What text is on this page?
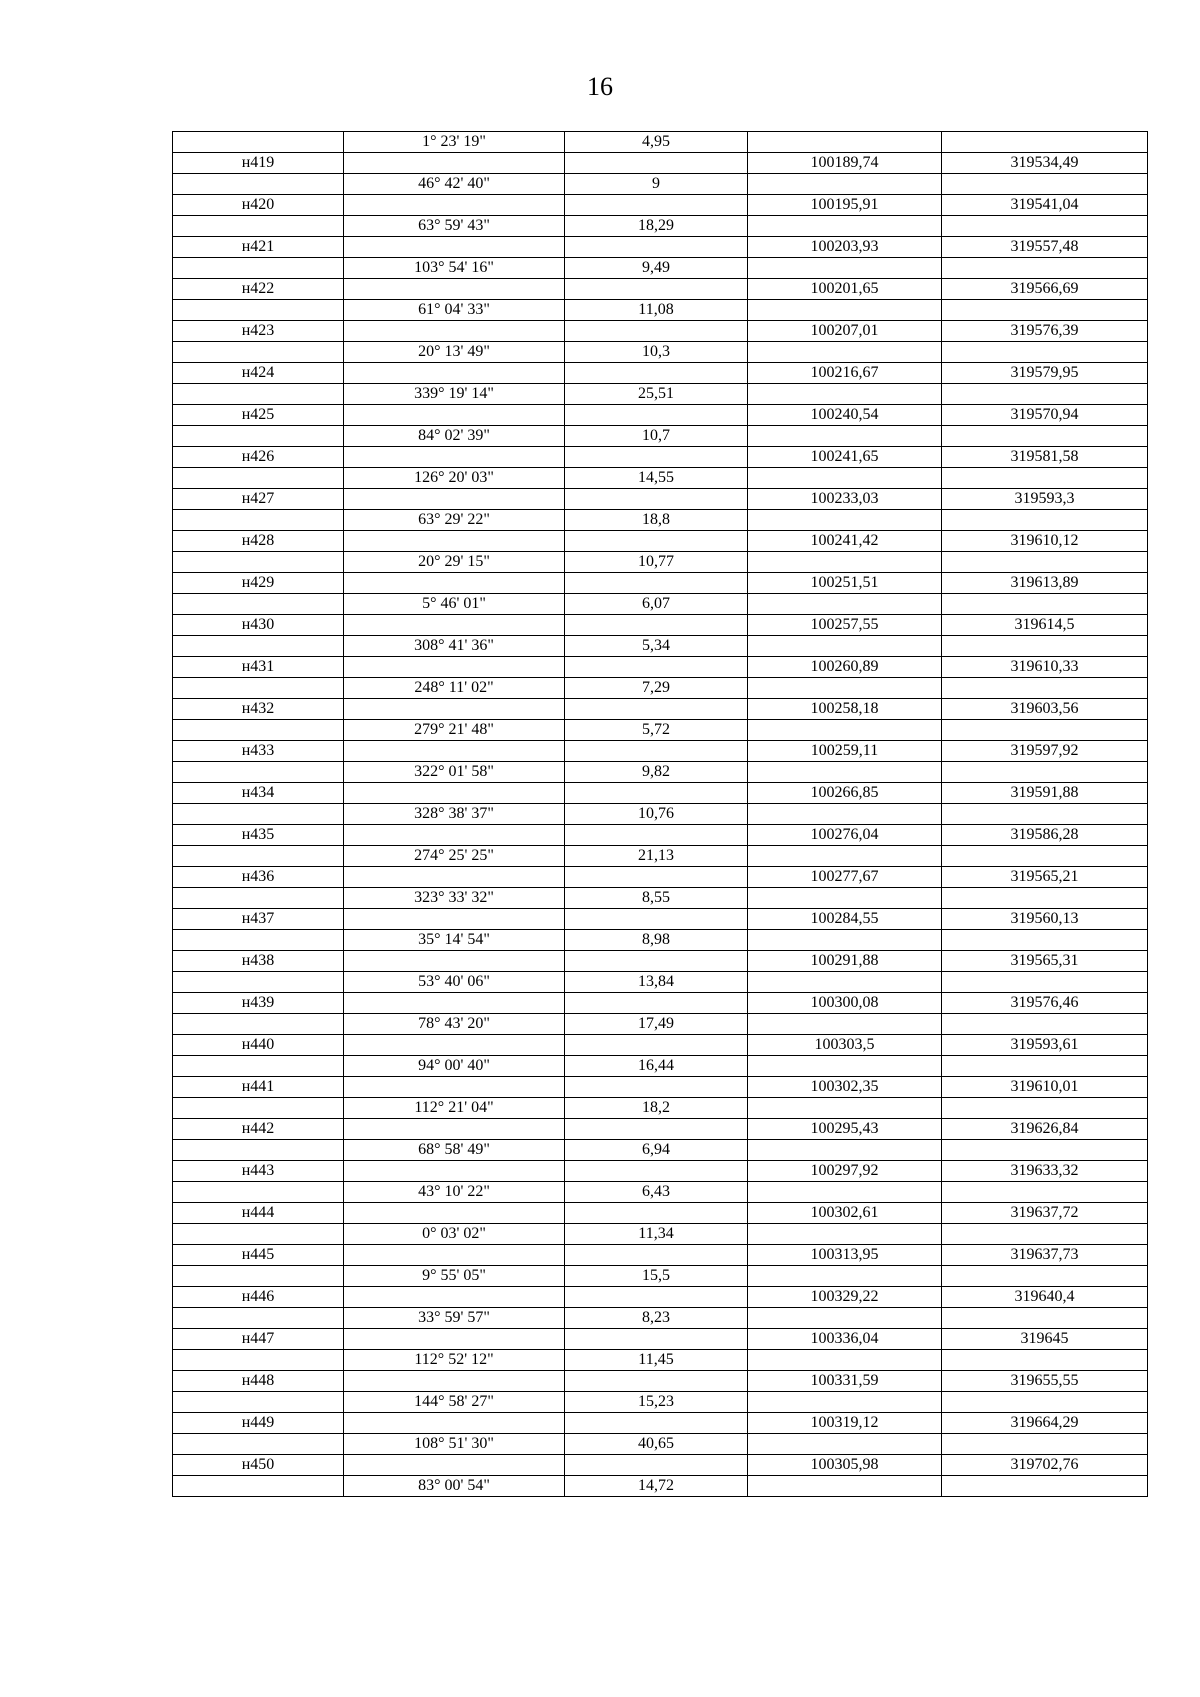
16
	1° 23' 19"	4,95		
н419			100189,74	319534,49
	46° 42' 40"	9		
н420			100195,91	319541,04
	63° 59' 43"	18,29		
н421			100203,93	319557,48
	103° 54' 16"	9,49		
н422			100201,65	319566,69
	61° 04' 33"	11,08		
н423			100207,01	319576,39
	20° 13' 49"	10,3		
н424			100216,67	319579,95
	339° 19' 14"	25,51		
н425			100240,54	319570,94
	84° 02' 39"	10,7		
н426			100241,65	319581,58
	126° 20' 03"	14,55		
н427			100233,03	319593,3
	63° 29' 22"	18,8		
н428			100241,42	319610,12
	20° 29' 15"	10,77		
н429			100251,51	319613,89
	5° 46' 01"	6,07		
н430			100257,55	319614,5
	308° 41' 36"	5,34		
н431			100260,89	319610,33
	248° 11' 02"	7,29		
н432			100258,18	319603,56
	279° 21' 48"	5,72		
н433			100259,11	319597,92
	322° 01' 58"	9,82		
н434			100266,85	319591,88
	328° 38' 37"	10,76		
н435			100276,04	319586,28
	274° 25' 25"	21,13		
н436			100277,67	319565,21
	323° 33' 32"	8,55		
н437			100284,55	319560,13
	35° 14' 54"	8,98		
н438			100291,88	319565,31
	53° 40' 06"	13,84		
н439			100300,08	319576,46
	78° 43' 20"	17,49		
н440			100303,5	319593,61
	94° 00' 40"	16,44		
н441			100302,35	319610,01
	112° 21' 04"	18,2		
н442			100295,43	319626,84
	68° 58' 49"	6,94		
н443			100297,92	319633,32
	43° 10' 22"	6,43		
н444			100302,61	319637,72
	0° 03' 02"	11,34		
н445			100313,95	319637,73
	9° 55' 05"	15,5		
н446			100329,22	319640,4
	33° 59' 57"	8,23		
н447			100336,04	319645
	112° 52' 12"	11,45		
н448			100331,59	319655,55
	144° 58' 27"	15,23		
н449			100319,12	319664,29
	108° 51' 30"	40,65		
н450			100305,98	319702,76
	83° 00' 54"	14,72		
